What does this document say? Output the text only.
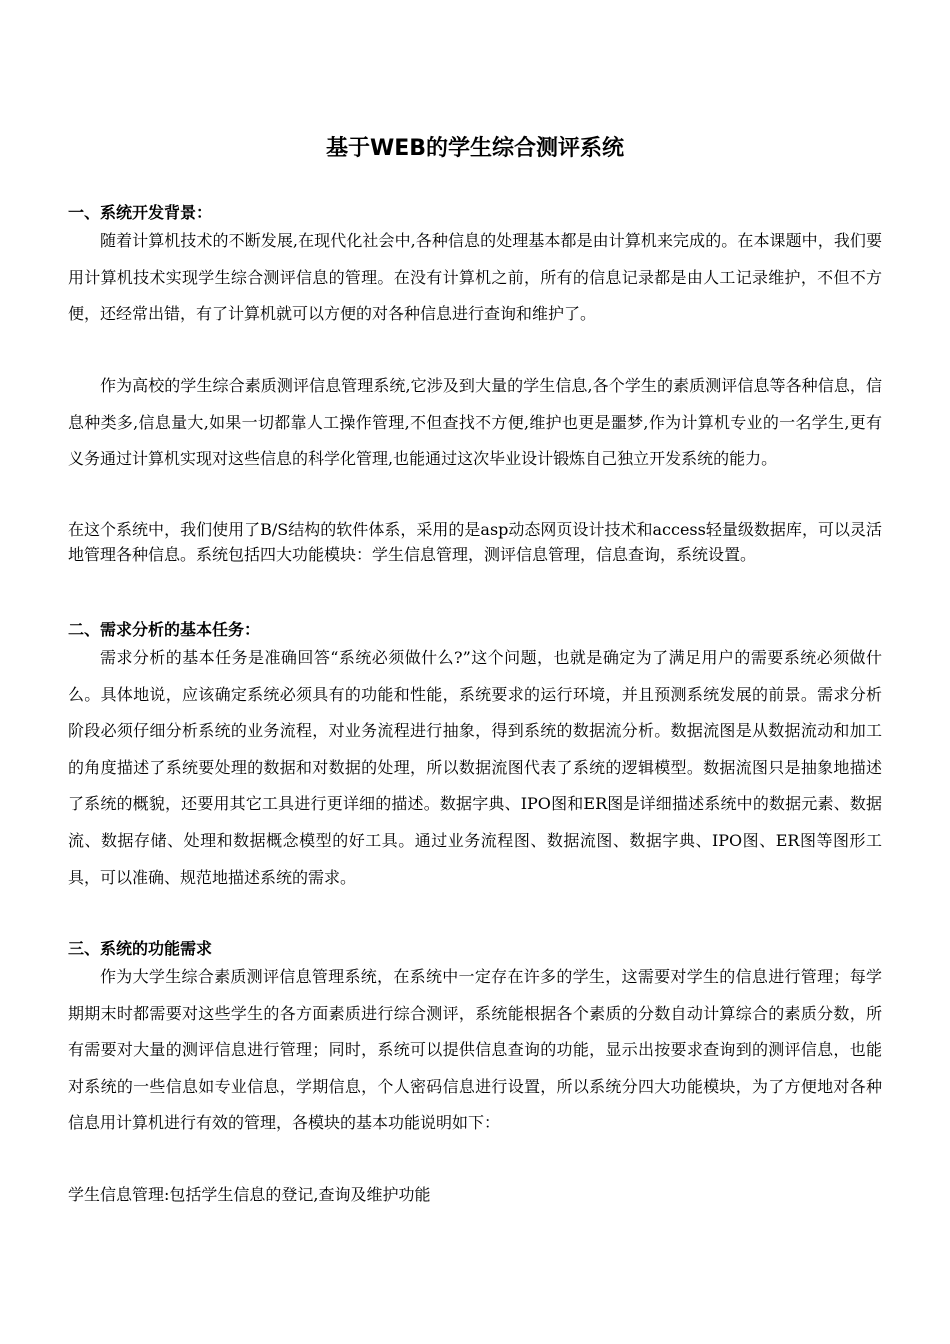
基于WEB的学生综合测评系统
一、系统开发背景：

随着计算机技术的不断发展,在现代化社会中,各种信息的处理基本都是由计算机来完成的。在本课题中，我们要用计算机技术实现学生综合测评信息的管理。在没有计算机之前，所有的信息记录都是由人工记录维护，不但不方便，还经常出错，有了计算机就可以方便的对各种信息进行查询和维护了。

作为高校的学生综合素质测评信息管理系统,它涉及到大量的学生信息,各个学生的素质测评信息等各种信息，信息种类多,信息量大,如果一切都靠人工操作管理,不但查找不方便,维护也更是噩梦,作为计算机专业的一名学生,更有义务通过计算机实现对这些信息的科学化管理,也能通过这次毕业设计锻炼自己独立开发系统的能力。

在这个系统中，我们使用了B/S结构的软件体系，采用的是asp动态网页设计技术和access轻量级数据库，可以灵活地管理各种信息。系统包括四大功能模块：学生信息管理，测评信息管理，信息查询，系统设置。

二、需求分析的基本任务：

需求分析的基本任务是准确回答“系统必须做什么?”这个问题，也就是确定为了满足用户的需要系统必须做什么。具体地说，应该确定系统必须具有的功能和性能，系统要求的运行环境，并且预测系统发展的前景。需求分析阶段必须仔细分析系统的业务流程，对业务流程进行抽象，得到系统的数据流分析。数据流图是从数据流动和加工的角度描述了系统要处理的数据和对数据的处理，所以数据流图代表了系统的逻辑模型。数据流图只是抽象地描述了系统的概貌，还要用其它工具进行更详细的描述。数据字典、IPO图和ER图是详细描述系统中的数据元素、数据流、数据存储、处理和数据概念模型的好工具。通过业务流程图、数据流图、数据字典、IPO图、ER图等图形工具，可以准确、规范地描述系统的需求。

三、系统的功能需求

作为大学生综合素质测评信息管理系统，在系统中一定存在许多的学生，这需要对学生的信息进行管理；每学期期末时都需要对这些学生的各方面素质进行综合测评，系统能根据各个素质的分数自动计算综合的素质分数，所有需要对大量的测评信息进行管理；同时，系统可以提供信息查询的功能，显示出按要求查询到的测评信息，也能对系统的一些信息如专业信息，学期信息，个人密码信息进行设置，所以系统分四大功能模块，为了方便地对各种信息用计算机进行有效的管理，各模块的基本功能说明如下：

学生信息管理:包括学生信息的登记,查询及维护功能
